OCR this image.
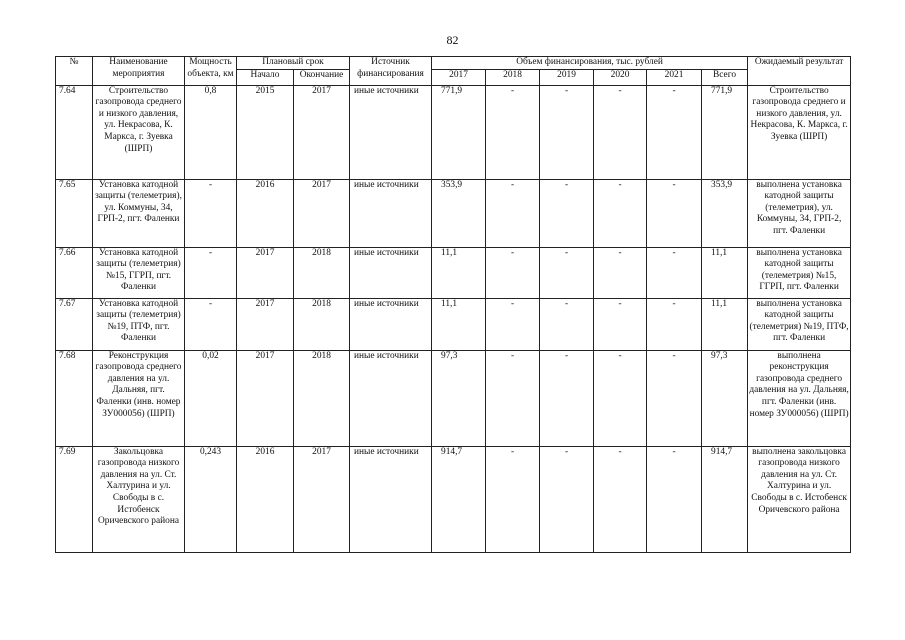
82
№	Наименование мероприятия	Мощность объекта, км	Плановый срок		Источник финансирования	Объем финансирования, тыс. рублей						Ожидаемый результат
			Начало	Окончание		2017	2018	2019	2020	2021	Всего	
7.64	Строительство газопровода среднего и низкого давления, ул. Некрасова, К. Маркса, г. Зуевка (ШРП)	0,8	2015	2017	иные источники	771,9	-	-	-	-	771,9	Строительство газопровода среднего и низкого давления, ул. Некрасова, К. Маркса, г. Зуевка (ШРП)
7.65	Установка катодной защиты (телеметрия), ул. Коммуны, 34, ГРП-2, пгт. Фаленки	-	2016	2017	иные источники	353,9	-	-	-	-	353,9	выполнена установка катодной защиты (телеметрия), ул. Коммуны, 34, ГРП-2, пгт. Фаленки
7.66	Установка катодной защиты (телеметрия) №15, ГГРП, пгт. Фаленки	-	2017	2018	иные источники	11,1	-	-	-	-	11,1	выполнена установка катодной защиты (телеметрия) №15, ГГРП, пгт. Фаленки
7.67	Установка катодной защиты (телеметрия) №19, ПТФ, пгт. Фаленки	-	2017	2018	иные источники	11,1	-	-	-	-	11,1	выполнена установка катодной защиты (телеметрия) №19, ПТФ, пгт. Фаленки
7.68	Реконструкция газопровода среднего давления на ул. Дальняя, пгт. Фаленки (инв. номер ЗУ000056) (ШРП)	0,02	2017	2018	иные источники	97,3	-	-	-	-	97,3	выполнена реконструкция газопровода среднего давления на ул. Дальняя, пгт. Фаленки (инв. номер ЗУ000056) (ШРП)
7.69	Закольцовка газопровода низкого давления на ул. Ст. Халтурина и ул. Свободы в с. Истобенск Оричевского района	0,243	2016	2017	иные источники	914,7	-	-	-	-	914,7	выполнена закольцовка газопровода низкого давления на ул. Ст. Халтурина и ул. Свободы в с. Истобенск Оричевского района
